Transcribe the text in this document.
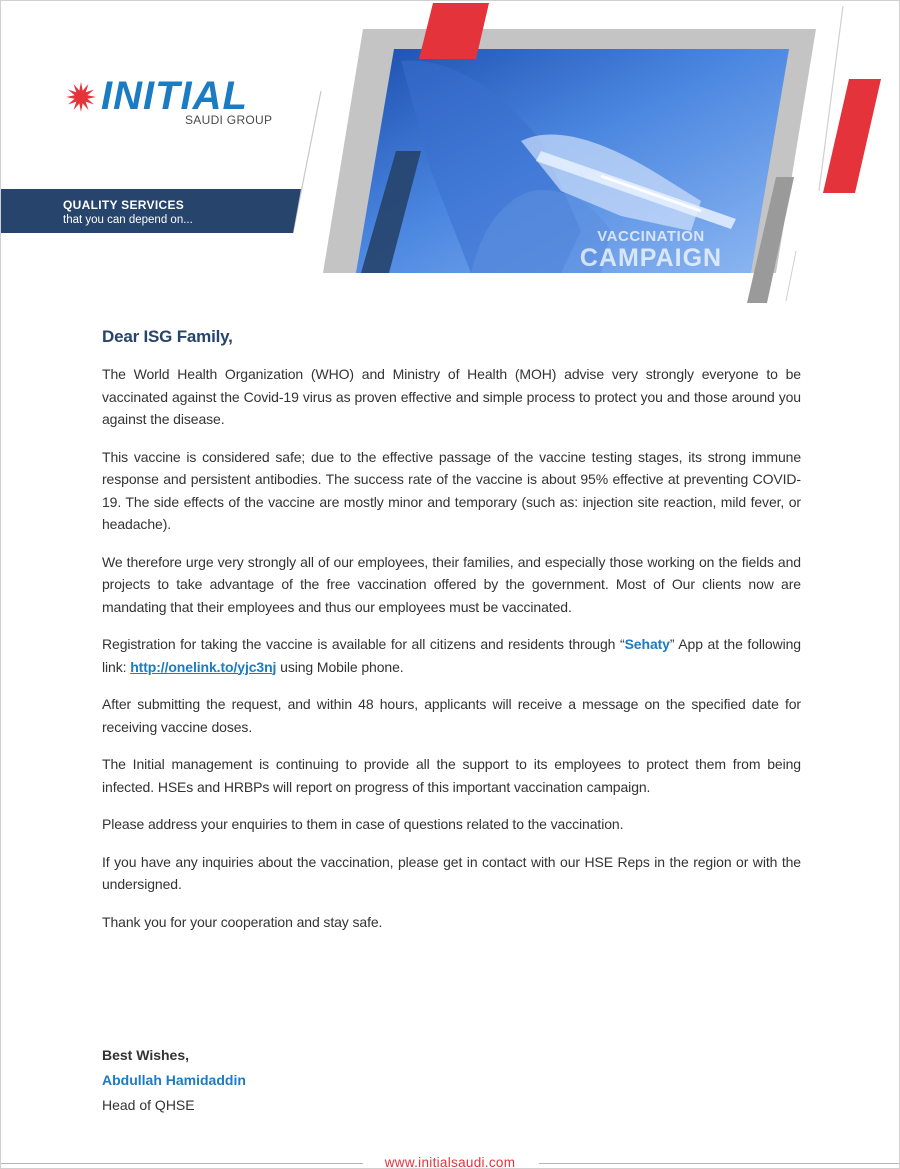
INITIAL
SAUDI GROUP
QUALITY SERVICES
that you can depend on...
VACCINATION
CAMPAIGN

Dear ISG Family,

The World Health Organization (WHO) and Ministry of Health (MOH) advise very strongly everyone to be vaccinated against the Covid-19 virus as proven effective and simple process to protect you and those around you against the disease.

This vaccine is considered safe; due to the effective passage of the vaccine testing stages, its strong immune response and persistent antibodies. The success rate of the vaccine is about 95% effective at preventing COVID-19. The side effects of the vaccine are mostly minor and temporary (such as: injection site reaction, mild fever, or headache).

We therefore urge very strongly all of our employees, their families, and especially those working on the fields and projects to take advantage of the free vaccination offered by the government. Most of Our clients now are mandating that their employees and thus our employees must be vaccinated.

Registration for taking the vaccine is available for all citizens and residents through “Sehaty” App at the following link: http://onelink.to/yjc3nj using Mobile phone.

After submitting the request, and within 48 hours, applicants will receive a message on the specified date for receiving vaccine doses.

The Initial management is continuing to provide all the support to its employees to protect them from being infected. HSEs and HRBPs will report on progress of this important vaccination campaign.

Please address your enquiries to them in case of questions related to the vaccination.

If you have any inquiries about the vaccination, please get in contact with our HSE Reps in the region or with the undersigned.

Thank you for your cooperation and stay safe.

Best Wishes,
Abdullah Hamidaddin
Head of QHSE
www.initialsaudi.com
